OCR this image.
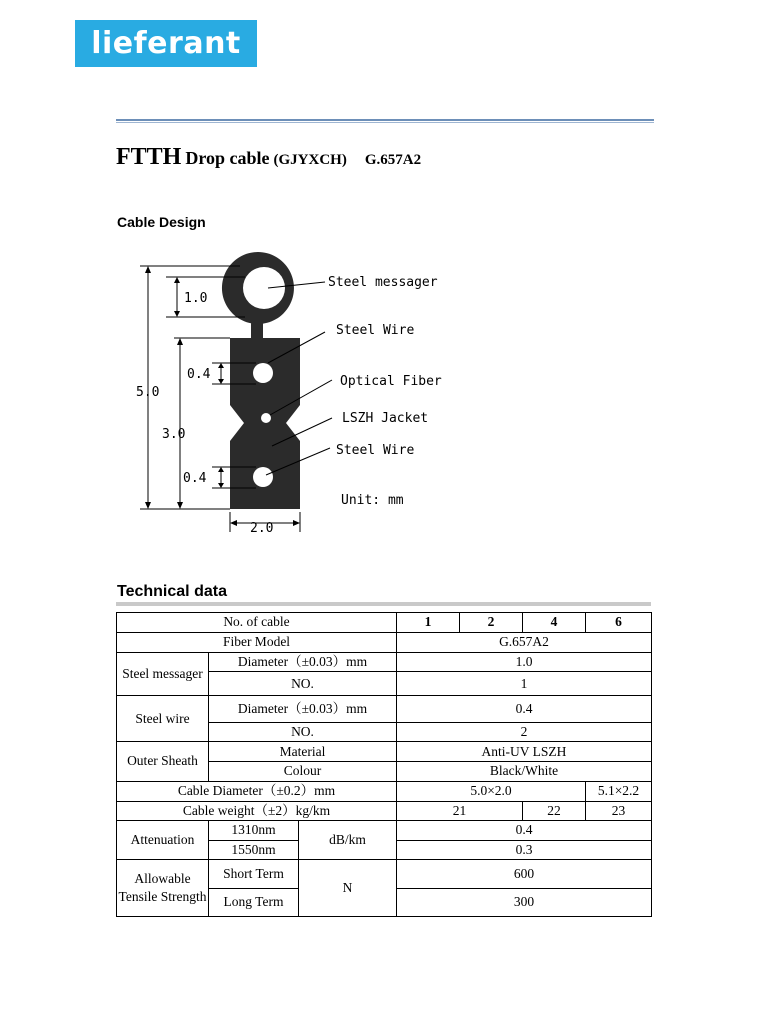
lieferant
FTTH Drop cable (GJYXCH) G.657A2
Cable Design
Steel messager
Steel Wire
Optical Fiber
LSZH Jacket
Steel Wire
Unit: mm
1.0
5.0
0.4
3.0
0.4
2.0
Technical data
No. of cable			1	2	4	6
Fiber Model			G.657A2			
Steel messager	Diameter（±0.03）mm		1.0			
	NO.		1			
Steel wire	Diameter（±0.03）mm		0.4			
	NO.		2			
Outer Sheath	Material		Anti-UV LSZH			
	Colour		Black/White			
Cable Diameter（±0.2）mm			5.0×2.0			5.1×2.2
Cable weight（±2）kg/km			21		22	23
Attenuation	1310nm	dB/km	0.4			
	1550nm		0.3			
Allowable Tensile Strength	Short Term	N	600			
	Long Term		300			
